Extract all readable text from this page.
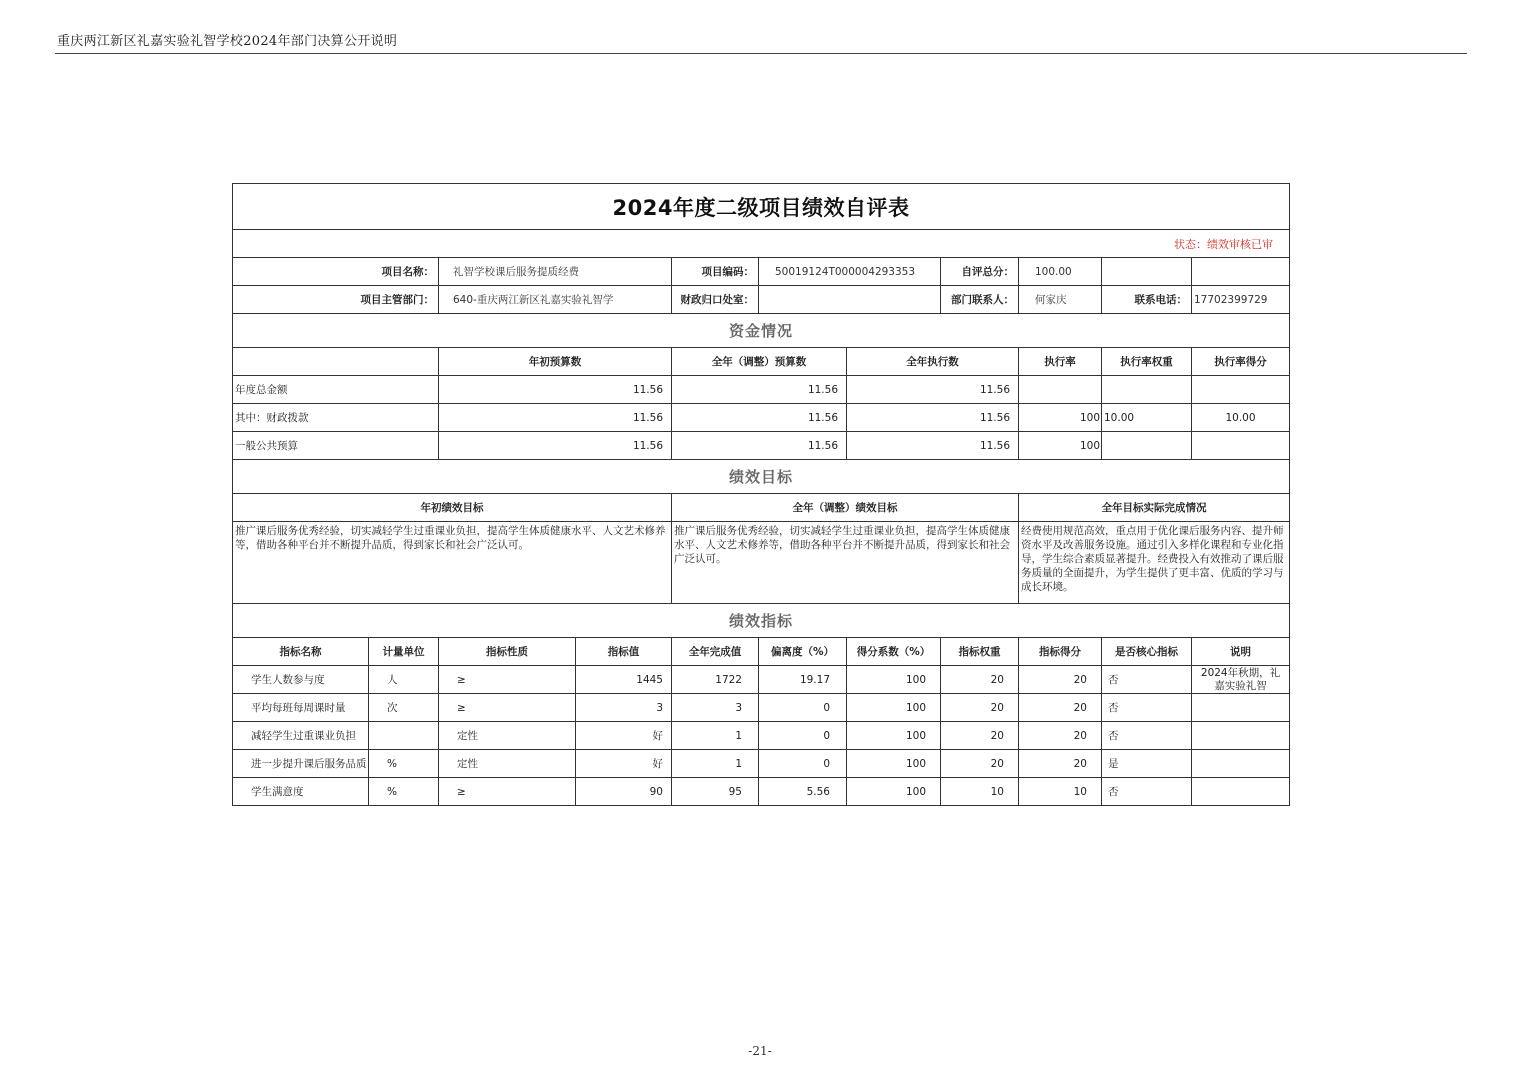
重庆两江新区礼嘉实验礼智学校2024年部门决算公开说明
2024年度二级项目绩效自评表										
状态：绩效审核已审										
项目名称：		礼智学校课后服务提质经费		项目编码：	50019124T000004293353		自评总分：	100.00		
项目主管部门：		640-重庆两江新区礼嘉实验礼智学		财政归口处室：			部门联系人：	何家庆	联系电话：	17702399729
资金情况										
		年初预算数		全年（调整）预算数		全年执行数		执行率	执行率权重	执行率得分
年度总金额		11.56		11.56		11.56				
其中：财政拨款		11.56		11.56		11.56		100	10.00	10.00
一般公共预算		11.56		11.56		11.56		100		
绩效目标										
年初绩效目标				全年（调整）绩效目标				全年目标实际完成情况		
推广课后服务优秀经验，切实减轻学生过重课业负担，提高学生体质健康水平、人文艺术修养等，借助各种平台并不断提升品质，得到家长和社会广泛认可。				推广课后服务优秀经验，切实减轻学生过重课业负担，提高学生体质健康水平、人文艺术修养等，借助各种平台并不断提升品质，得到家长和社会广泛认可。				经费使用规范高效，重点用于优化课后服务内容、提升师资水平及改善服务设施。通过引入多样化课程和专业化指导，学生综合素质显著提升。经费投入有效推动了课后服务质量的全面提升，为学生提供了更丰富、优质的学习与成长环境。		
绩效指标										
指标名称	计量单位	指标性质	指标值	全年完成值	偏离度（%）	得分系数（%）	指标权重	指标得分	是否核心指标	说明
学生人数参与度	人	≥	1445	1722	19.17	100	20	20	否	2024年秋期，礼嘉实验礼智
平均每班每周课时量	次	≥	3	3	0	100	20	20	否	
减轻学生过重课业负担		定性	好	1	0	100	20	20	否	
进一步提升课后服务品质	%	定性	好	1	0	100	20	20	是	
学生满意度	%	≥	90	95	5.56	100	10	10	否	
-21-
